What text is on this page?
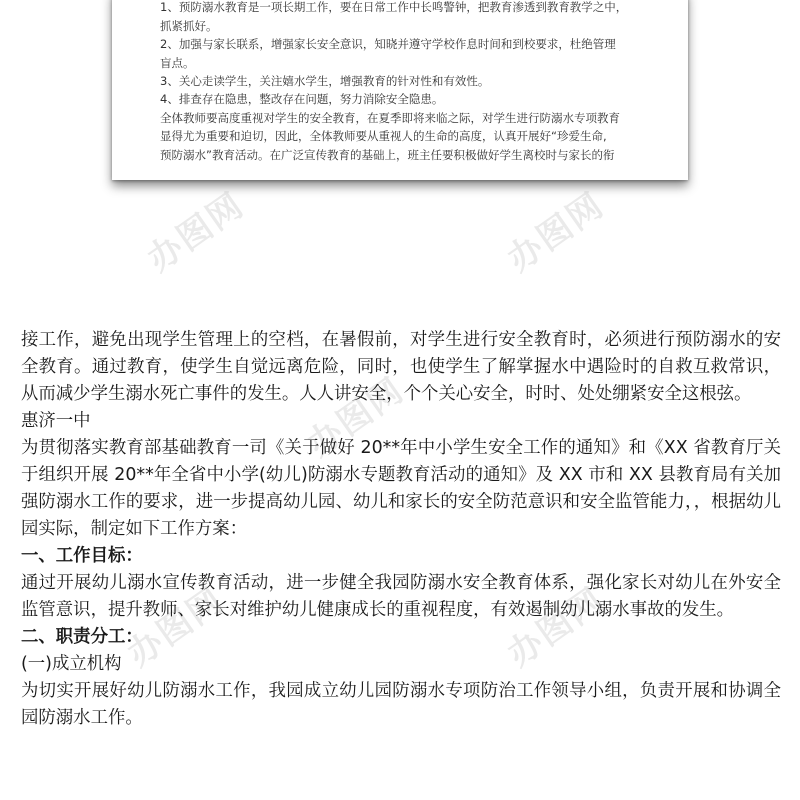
1、预防溺水教育是一项长期工作，要在日常工作中长鸣警钟，把教育渗透到教育教学之中，
抓紧抓好。
2、加强与家长联系，增强家长安全意识，知晓并遵守学校作息时间和到校要求，杜绝管理
盲点。
3、关心走读学生，关注嬉水学生，增强教育的针对性和有效性。
4、排查存在隐患，整改存在问题，努力消除安全隐患。
全体教师要高度重视对学生的安全教育，在夏季即将来临之际，对学生进行防溺水专项教育
显得尤为重要和迫切，因此，全体教师要从重视人的生命的高度，认真开展好“珍爱生命,
预防溺水”教育活动。在广泛宣传教育的基础上，班主任要积极做好学生离校时与家长的衔
办图网	办图网
办图网
办图网
办图网

接工作，避免出现学生管理上的空档，在暑假前，对学生进行安全教育时，必须进行预防溺水的安全教育。通过教育，使学生自觉远离危险，同时，也使学生了解掌握水中遇险时的自救互救常识，从而减少学生溺水死亡事件的发生。人人讲安全，个个关心安全，时时、处处绷紧安全这根弦。

惠济一中

为贯彻落实教育部基础教育一司《关于做好 20**年中小学生安全工作的通知》和《XX 省教育厅关于组织开展 20**年全省中小学(幼儿)防溺水专题教育活动的通知》及 XX 市和 XX 县教育局有关加强防溺水工作的要求，进一步提高幼儿园、幼儿和家长的安全防范意识和安全监管能力，，根据幼儿园实际，制定如下工作方案：

一、工作目标：

通过开展幼儿溺水宣传教育活动，进一步健全我园防溺水安全教育体系，强化家长对幼儿在外安全监管意识，提升教师、家长对维护幼儿健康成长的重视程度，有效遏制幼儿溺水事故的发生。

二、职责分工：

(一)成立机构

为切实开展好幼儿防溺水工作，我园成立幼儿园防溺水专项防治工作领导小组，负责开展和协调全园防溺水工作。
